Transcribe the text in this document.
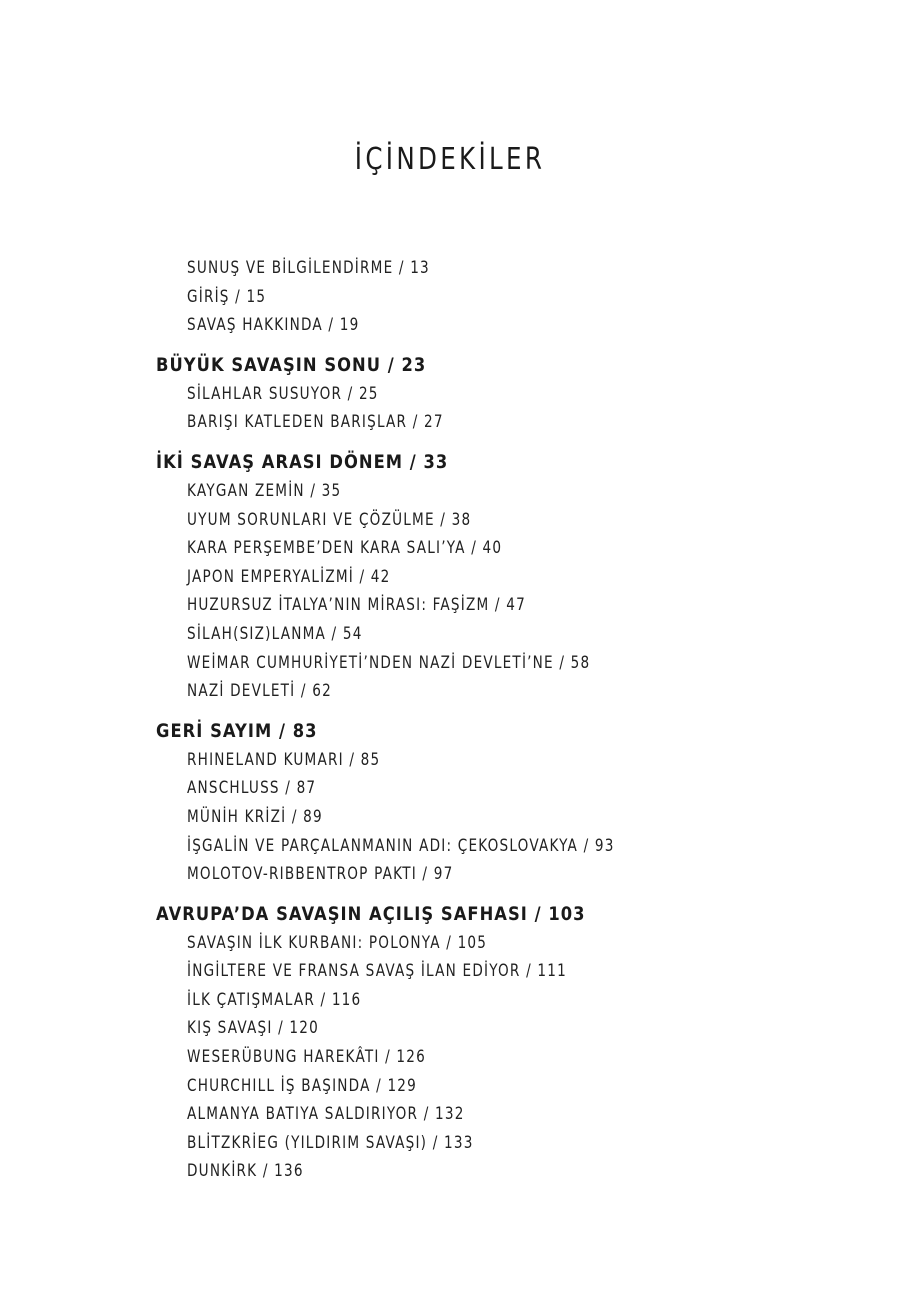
İÇİNDEKİLER
SUNUŞ VE BİLGİLENDİRME / 13
GİRİŞ / 15
SAVAŞ HAKKINDA / 19
BÜYÜK SAVAŞIN SONU / 23
SİLAHLAR SUSUYOR / 25
BARIŞI KATLEDEN BARIŞLAR / 27
İKİ SAVAŞ ARASI DÖNEM / 33
KAYGAN ZEMİN / 35
UYUM SORUNLARI VE ÇÖZÜLME / 38
KARA PERŞEMBE’DEN KARA SALI’YA / 40
JAPON EMPERYALİZMİ / 42
HUZURSUZ İTALYA’NIN MİRASI: FAŞİZM / 47
SİLAH(SIZ)LANMA / 54
WEİMAR CUMHURİYETİ’NDEN NAZİ DEVLETİ’NE / 58
NAZİ DEVLETİ / 62
GERİ SAYIM / 83
RHINELAND KUMARI / 85
ANSCHLUSS / 87
MÜNİH KRİZİ / 89
İŞGALİN VE PARÇALANMANIN ADI: ÇEKOSLOVAKYA / 93
MOLOTOV-RIBBENTROP PAKTI / 97
AVRUPA’DA SAVAŞIN AÇILIŞ SAFHASI / 103
SAVAŞIN İLK KURBANI: POLONYA / 105
İNGİLTERE VE FRANSA SAVAŞ İLAN EDİYOR / 111
İLK ÇATIŞMALAR / 116
KIŞ SAVAŞI / 120
WESERÜBUNG HAREKÂTI / 126
CHURCHILL İŞ BAŞINDA / 129
ALMANYA BATIYA SALDIRIYOR / 132
BLİTZKRİEG (YILDIRIM SAVAŞI) / 133
DUNKİRK / 136
